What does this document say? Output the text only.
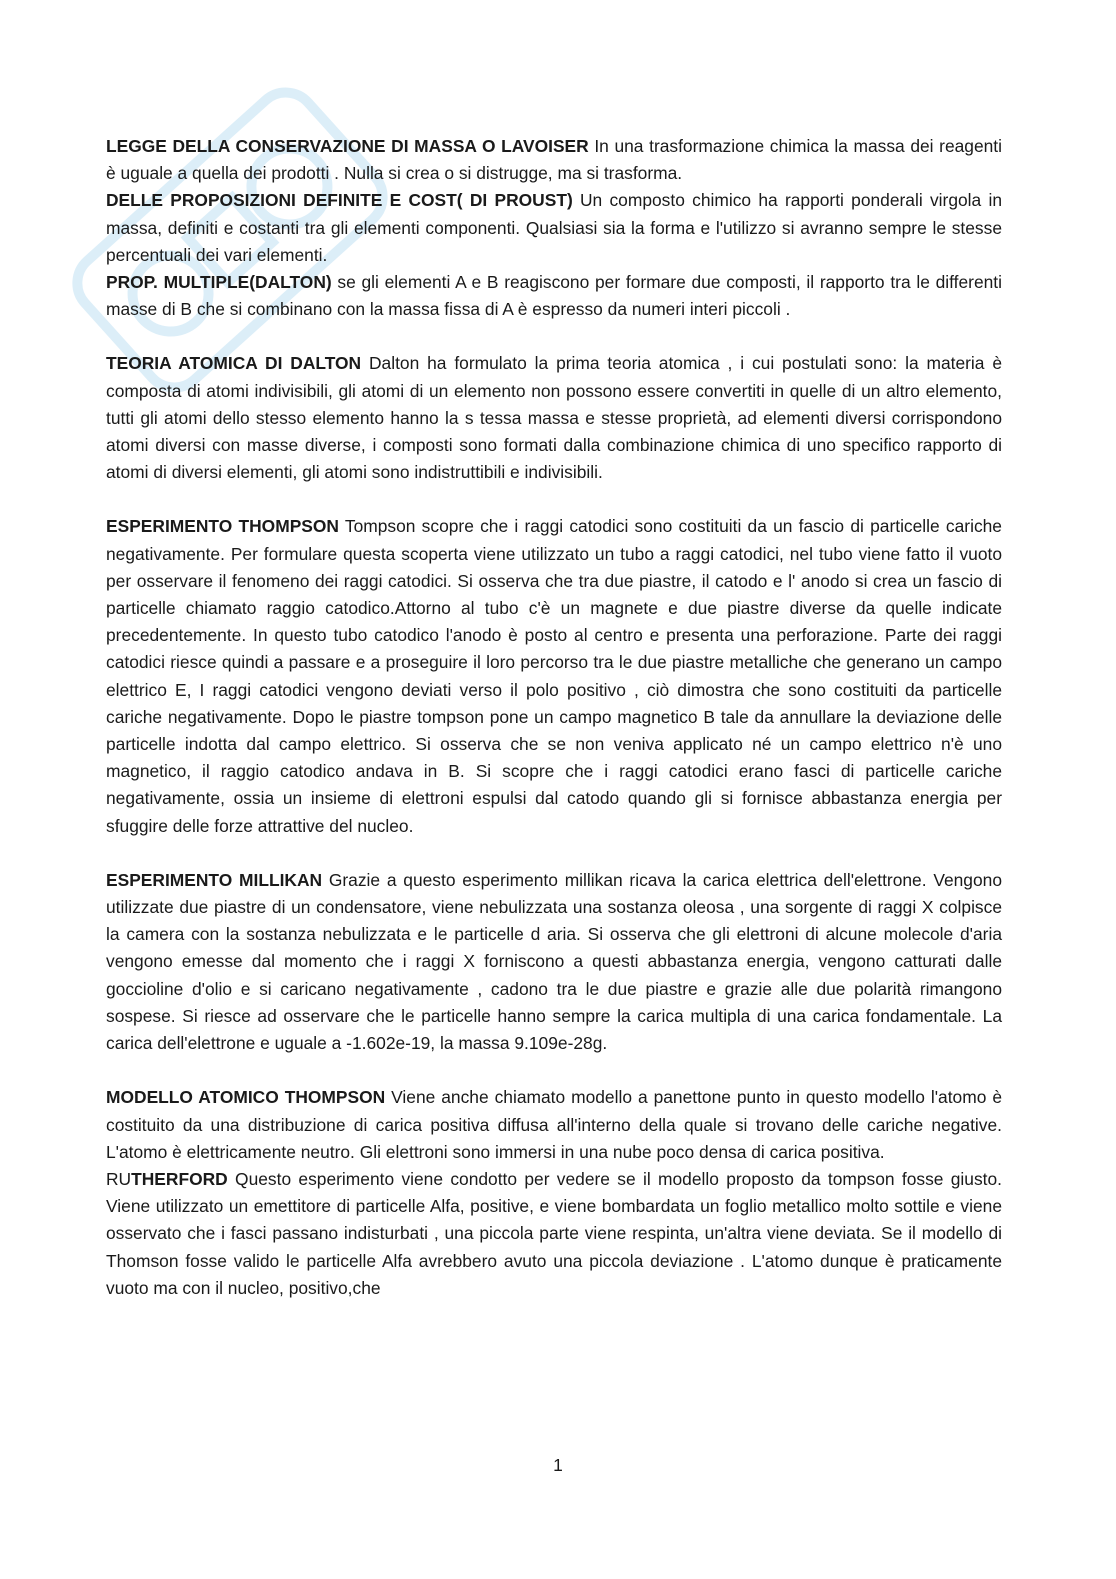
LEGGE DELLA CONSERVAZIONE DI MASSA O LAVOISER In una trasformazione chimica la massa dei reagenti è uguale a quella dei prodotti . Nulla si crea o si distrugge, ma si trasforma.

DELLE PROPOSIZIONI DEFINITE E COST( DI PROUST) Un composto chimico ha rapporti ponderali virgola in massa, definiti e costanti tra gli elementi componenti. Qualsiasi sia la forma e l'utilizzo si avranno sempre le stesse percentuali dei vari elementi.

PROP. MULTIPLE(DALTON) se gli elementi A e B reagiscono per formare due composti, il rapporto tra le differenti masse di B che si combinano con la massa fissa di A è espresso da numeri interi piccoli .

TEORIA ATOMICA DI DALTON Dalton ha formulato la prima teoria atomica , i cui postulati sono: la materia è composta di atomi indivisibili, gli atomi di un elemento non possono essere convertiti in quelle di un altro elemento, tutti gli atomi dello stesso elemento hanno la s tessa massa e stesse proprietà, ad elementi diversi corrispondono atomi diversi con masse diverse, i composti sono formati dalla combinazione chimica di uno specifico rapporto di atomi di diversi elementi, gli atomi sono indistruttibili e indivisibili.

ESPERIMENTO THOMPSON Tompson scopre che i raggi catodici sono costituiti da un fascio di particelle cariche negativamente. Per formulare questa scoperta viene utilizzato un tubo a raggi catodici, nel tubo viene fatto il vuoto per osservare il fenomeno dei raggi catodici. Si osserva che tra due piastre, il catodo e l' anodo si crea un fascio di particelle chiamato raggio catodico.Attorno al tubo c'è un magnete e due piastre diverse da quelle indicate precedentemente. In questo tubo catodico l'anodo è posto al centro e presenta una perforazione. Parte dei raggi catodici riesce quindi a passare e a proseguire il loro percorso tra le due piastre metalliche che generano un campo elettrico E, I raggi catodici vengono deviati verso il polo positivo , ciò dimostra che sono costituiti da particelle cariche negativamente. Dopo le piastre tompson pone un campo magnetico B tale da annullare la deviazione delle particelle indotta dal campo elettrico. Si osserva che se non veniva applicato né un campo elettrico n'è uno magnetico, il raggio catodico andava in B. Si scopre che i raggi catodici erano fasci di particelle cariche negativamente, ossia un insieme di elettroni espulsi dal catodo quando gli si fornisce abbastanza energia per sfuggire delle forze attrattive del nucleo.

ESPERIMENTO MILLIKAN Grazie a questo esperimento millikan ricava la carica elettrica dell'elettrone. Vengono utilizzate due piastre di un condensatore, viene nebulizzata una sostanza oleosa , una sorgente di raggi X colpisce la camera con la sostanza nebulizzata e le particelle d aria. Si osserva che gli elettroni di alcune molecole d'aria vengono emesse dal momento che i raggi X forniscono a questi abbastanza energia, vengono catturati dalle goccioline d'olio e si caricano negativamente , cadono tra le due piastre e grazie alle due polarità rimangono sospese. Si riesce ad osservare che le particelle hanno sempre la carica multipla di una carica fondamentale. La carica dell'elettrone e uguale a -1.602e-19, la massa 9.109e-28g.

MODELLO ATOMICO THOMPSON Viene anche chiamato modello a panettone punto in questo modello l'atomo è costituito da una distribuzione di carica positiva diffusa all'interno della quale si trovano delle cariche negative. L'atomo è elettricamente neutro. Gli elettroni sono immersi in una nube poco densa di carica positiva.

RUTHERFORD Questo esperimento viene condotto per vedere se il modello proposto da tompson fosse giusto. Viene utilizzato un emettitore di particelle Alfa, positive, e viene bombardata un foglio metallico molto sottile e viene osservato che i fasci passano indisturbati , una piccola parte viene respinta, un'altra viene deviata. Se il modello di Thomson fosse valido le particelle Alfa avrebbero avuto una piccola deviazione . L'atomo dunque è praticamente vuoto ma con il nucleo, positivo,che

1
